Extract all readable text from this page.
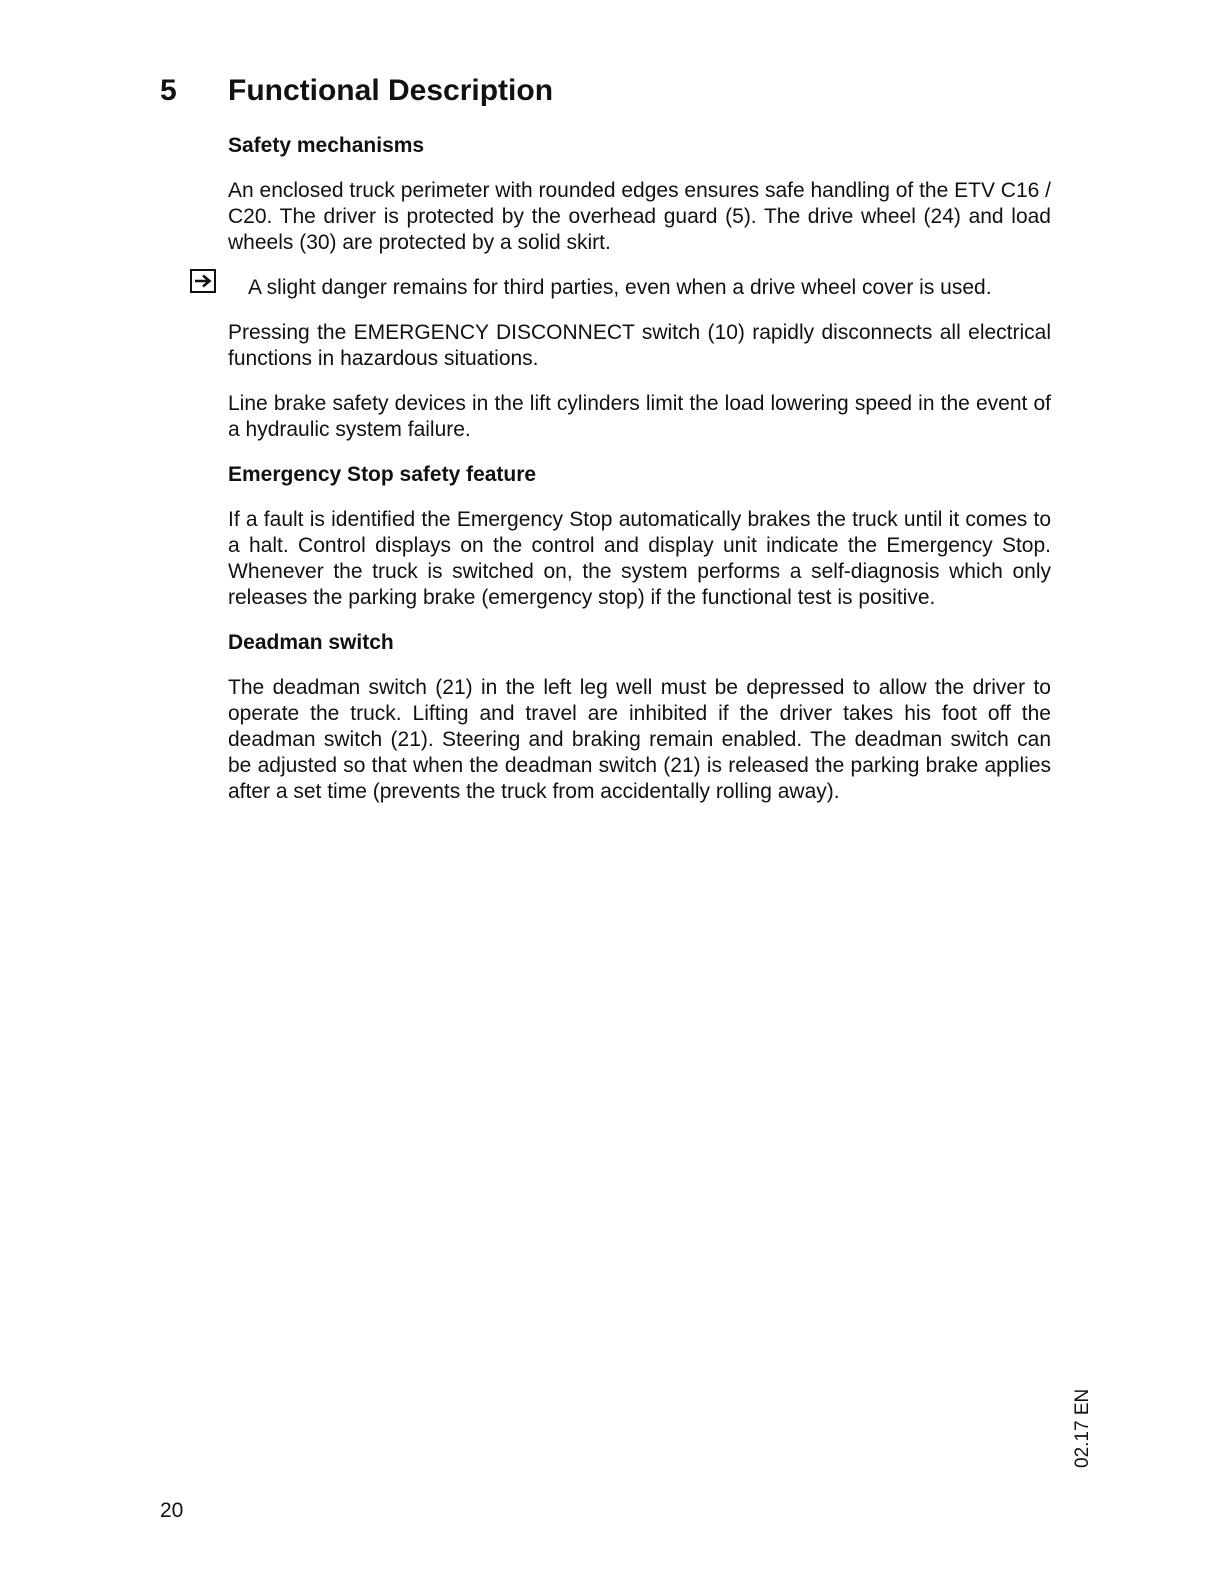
5 Functional Description
Safety mechanisms

An enclosed truck perimeter with rounded edges ensures safe handling of the ETV C16 / C20. The driver is protected by the overhead guard (5). The drive wheel (24) and load wheels (30) are protected by a solid skirt.

A slight danger remains for third parties, even when a drive wheel cover is used.

Pressing the EMERGENCY DISCONNECT switch (10) rapidly disconnects all electrical functions in hazardous situations.

Line brake safety devices in the lift cylinders limit the load lowering speed in the event of a hydraulic system failure.

Emergency Stop safety feature

If a fault is identified the Emergency Stop automatically brakes the truck until it comes to a halt. Control displays on the control and display unit indicate the Emergency Stop. Whenever the truck is switched on, the system performs a self-diagnosis which only releases the parking brake (emergency stop) if the functional test is positive.

Deadman switch

The deadman switch (21) in the left leg well must be depressed to allow the driver to operate the truck. Lifting and travel are inhibited if the driver takes his foot off the deadman switch (21). Steering and braking remain enabled. The deadman switch can be adjusted so that when the deadman switch (21) is released the parking brake applies after a set time (prevents the truck from accidentally rolling away).

20
02.17 EN
